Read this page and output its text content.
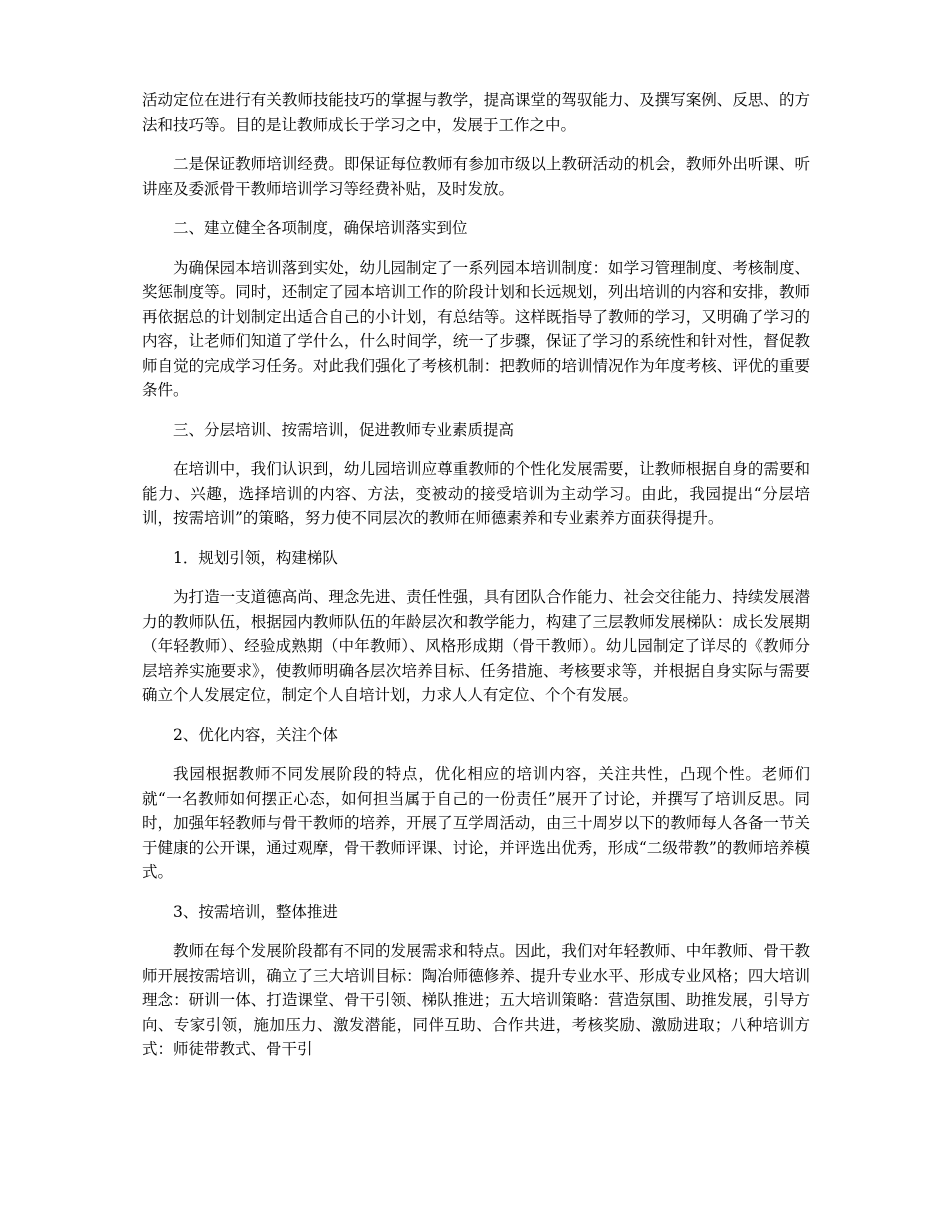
活动定位在进行有关教师技能技巧的掌握与教学，提高课堂的驾驭能力、及撰写案例、反思、的方法和技巧等。目的是让教师成长于学习之中，发展于工作之中。

二是保证教师培训经费。即保证每位教师有参加市级以上教研活动的机会，教师外出听课、听讲座及委派骨干教师培训学习等经费补贴，及时发放。

二、建立健全各项制度，确保培训落实到位

为确保园本培训落到实处，幼儿园制定了一系列园本培训制度：如学习管理制度、考核制度、奖惩制度等。同时，还制定了园本培训工作的阶段计划和长远规划，列出培训的内容和安排，教师再依据总的计划制定出适合自己的小计划，有总结等。这样既指导了教师的学习，又明确了学习的内容，让老师们知道了学什么，什么时间学，统一了步骤，保证了学习的系统性和针对性，督促教师自觉的完成学习任务。对此我们强化了考核机制：把教师的培训情况作为年度考核、评优的重要条件。

三、分层培训、按需培训，促进教师专业素质提高

在培训中，我们认识到，幼儿园培训应尊重教师的个性化发展需要，让教师根据自身的需要和能力、兴趣，选择培训的内容、方法，变被动的接受培训为主动学习。由此，我园提出“分层培训，按需培训”的策略，努力使不同层次的教师在师德素养和专业素养方面获得提升。

1．规划引领，构建梯队

为打造一支道德高尚、理念先进、责任性强，具有团队合作能力、社会交往能力、持续发展潜力的教师队伍，根据园内教师队伍的年龄层次和教学能力，构建了三层教师发展梯队：成长发展期（年轻教师）、经验成熟期（中年教师）、风格形成期（骨干教师）。幼儿园制定了详尽的《教师分层培养实施要求》，使教师明确各层次培养目标、任务措施、考核要求等，并根据自身实际与需要确立个人发展定位，制定个人自培计划，力求人人有定位、个个有发展。

2、优化内容，关注个体

我园根据教师不同发展阶段的特点，优化相应的培训内容，关注共性，凸现个性。老师们就“一名教师如何摆正心态，如何担当属于自己的一份责任”展开了讨论，并撰写了培训反思。同时，加强年轻教师与骨干教师的培养，开展了互学周活动，由三十周岁以下的教师每人各备一节关于健康的公开课，通过观摩，骨干教师评课、讨论，并评选出优秀，形成“二级带教”的教师培养模式。

3、按需培训，整体推进

教师在每个发展阶段都有不同的发展需求和特点。因此，我们对年轻教师、中年教师、骨干教师开展按需培训，确立了三大培训目标：陶冶师德修养、提升专业水平、形成专业风格；四大培训理念：研训一体、打造课堂、骨干引领、梯队推进；五大培训策略：营造氛围、助推发展，引导方向、专家引领，施加压力、激发潜能，同伴互助、合作共进，考核奖励、激励进取；八种培训方式：师徒带教式、骨干引
